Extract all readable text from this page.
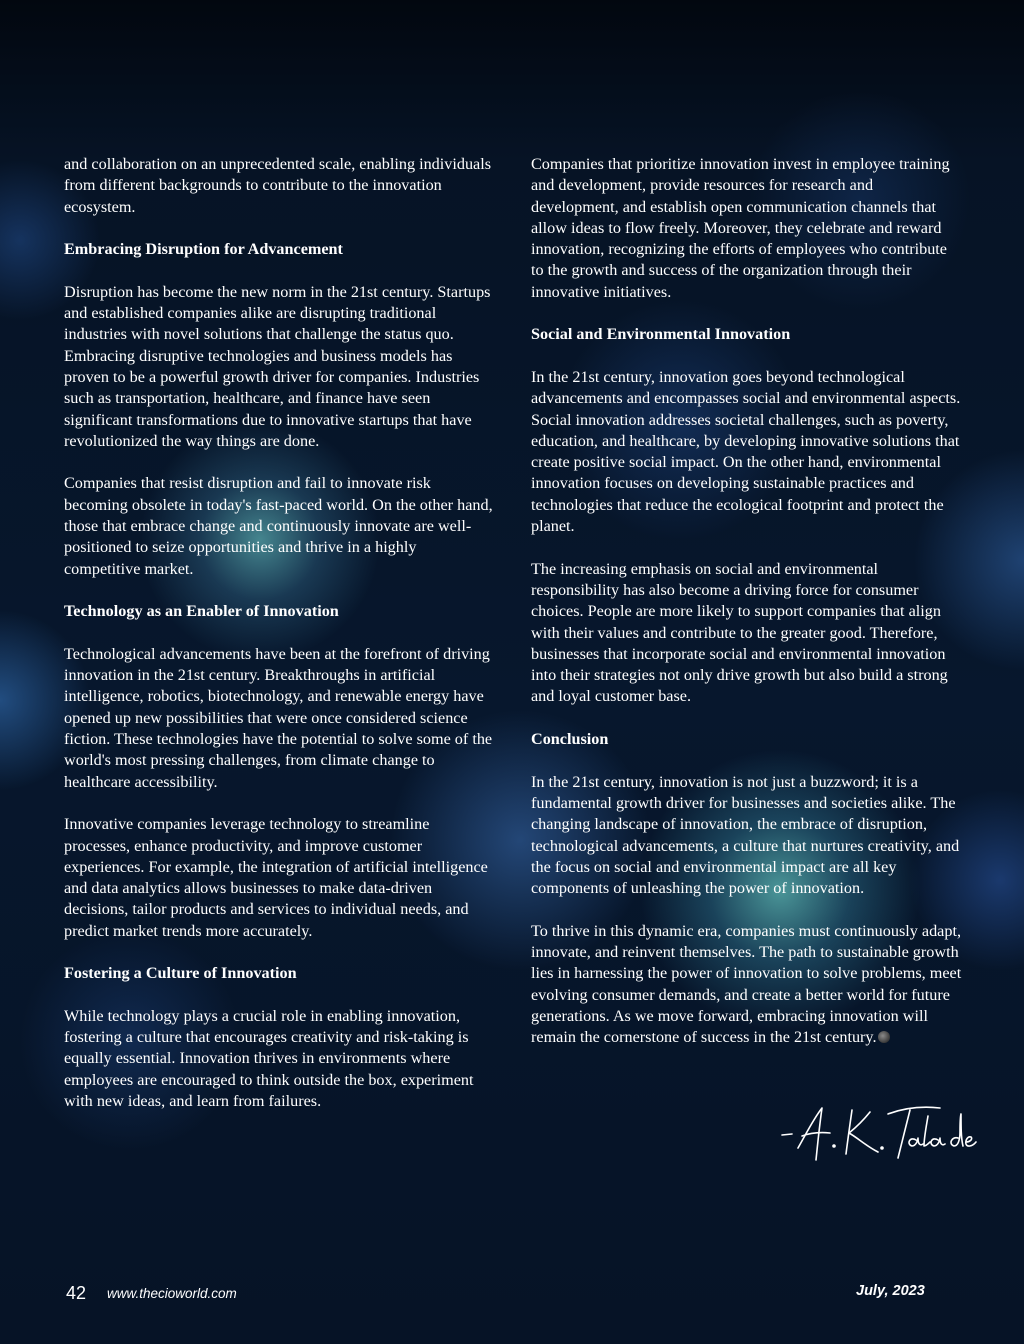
and collaboration on an unprecedented scale, enabling individuals from different backgrounds to contribute to the innovation ecosystem.

Embracing Disruption for Advancement

Disruption has become the new norm in the 21st century. Startups and established companies alike are disrupting traditional industries with novel solutions that challenge the status quo. Embracing disruptive technologies and business models has proven to be a powerful growth driver for companies. Industries such as transportation, healthcare, and finance have seen significant transformations due to innovative startups that have revolutionized the way things are done.

Companies that resist disruption and fail to innovate risk becoming obsolete in today's fast-paced world. On the other hand, those that embrace change and continuously innovate are well-positioned to seize opportunities and thrive in a highly competitive market.

Technology as an Enabler of Innovation

Technological advancements have been at the forefront of driving innovation in the 21st century. Breakthroughs in artificial intelligence, robotics, biotechnology, and renewable energy have opened up new possibilities that were once considered science fiction. These technologies have the potential to solve some of the world's most pressing challenges, from climate change to healthcare accessibility.

Innovative companies leverage technology to streamline processes, enhance productivity, and improve customer experiences. For example, the integration of artificial intelligence and data analytics allows businesses to make data-driven decisions, tailor products and services to individual needs, and predict market trends more accurately.

Fostering a Culture of Innovation

While technology plays a crucial role in enabling innovation, fostering a culture that encourages creativity and risk-taking is equally essential. Innovation thrives in environments where employees are encouraged to think outside the box, experiment with new ideas, and learn from failures.

Companies that prioritize innovation invest in employee training and development, provide resources for research and development, and establish open communication channels that allow ideas to flow freely. Moreover, they celebrate and reward innovation, recognizing the efforts of employees who contribute to the growth and success of the organization through their innovative initiatives.

Social and Environmental Innovation

In the 21st century, innovation goes beyond technological advancements and encompasses social and environmental aspects. Social innovation addresses societal challenges, such as poverty, education, and healthcare, by developing innovative solutions that create positive social impact. On the other hand, environmental innovation focuses on developing sustainable practices and technologies that reduce the ecological footprint and protect the planet.

The increasing emphasis on social and environmental responsibility has also become a driving force for consumer choices. People are more likely to support companies that align with their values and contribute to the greater good. Therefore, businesses that incorporate social and environmental innovation into their strategies not only drive growth but also build a strong and loyal customer base.

Conclusion

In the 21st century, innovation is not just a buzzword; it is a fundamental growth driver for businesses and societies alike. The changing landscape of innovation, the embrace of disruption, technological advancements, a culture that nurtures creativity, and the focus on social and environmental impact are all key components of unleashing the power of innovation.

To thrive in this dynamic era, companies must continuously adapt, innovate, and reinvent themselves. The path to sustainable growth lies in harnessing the power of innovation to solve problems, meet evolving consumer demands, and create a better world for future generations. As we move forward, embracing innovation will remain the cornerstone of success in the 21st century.

42 www.thecioworld.com	July, 2023
